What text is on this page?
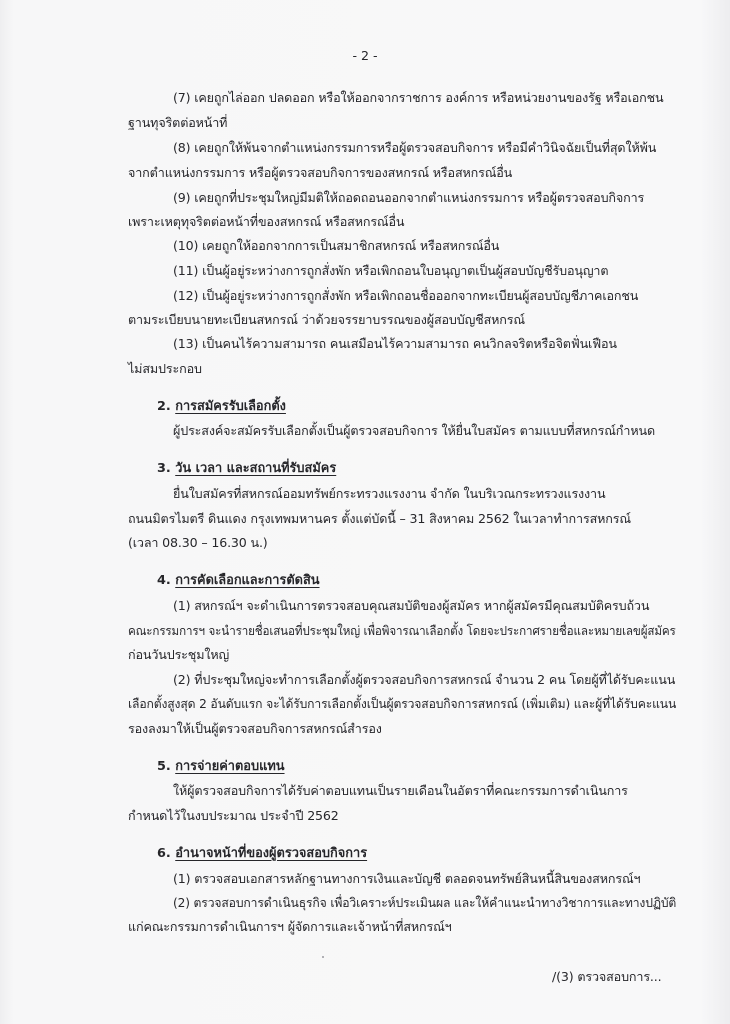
- 2 -
(7) เคยถูกไล่ออก ปลดออก หรือให้ออกจากราชการ องค์การ หรือหน่วยงานของรัฐ หรือเอกชน
ฐานทุจริตต่อหน้าที่
(8) เคยถูกให้พ้นจากตำแหน่งกรรมการหรือผู้ตรวจสอบกิจการ หรือมีคำวินิจฉัยเป็นที่สุดให้พ้น
จากตำแหน่งกรรมการ หรือผู้ตรวจสอบกิจการของสหกรณ์ หรือสหกรณ์อื่น
(9) เคยถูกที่ประชุมใหญ่มีมติให้ถอดถอนออกจากตำแหน่งกรรมการ หรือผู้ตรวจสอบกิจการ
เพราะเหตุทุจริตต่อหน้าที่ของสหกรณ์ หรือสหกรณ์อื่น
(10) เคยถูกให้ออกจากการเป็นสมาชิกสหกรณ์ หรือสหกรณ์อื่น
(11) เป็นผู้อยู่ระหว่างการถูกสั่งพัก หรือเพิกถอนใบอนุญาตเป็นผู้สอบบัญชีรับอนุญาต
(12) เป็นผู้อยู่ระหว่างการถูกสั่งพัก หรือเพิกถอนชื่อออกจากทะเบียนผู้สอบบัญชีภาคเอกชน
ตามระเบียบนายทะเบียนสหกรณ์ ว่าด้วยจรรยาบรรณของผู้สอบบัญชีสหกรณ์
(13) เป็นคนไร้ความสามารถ คนเสมือนไร้ความสามารถ คนวิกลจริตหรือจิตฟั่นเฟือน
ไม่สมประกอบ
2. การสมัครรับเลือกตั้ง
ผู้ประสงค์จะสมัครรับเลือกตั้งเป็นผู้ตรวจสอบกิจการ ให้ยื่นใบสมัคร ตามแบบที่สหกรณ์กำหนด
3. วัน เวลา และสถานที่รับสมัคร
ยื่นใบสมัครที่สหกรณ์ออมทรัพย์กระทรวงแรงงาน จำกัด ในบริเวณกระทรวงแรงงาน
ถนนมิตรไมตรี ดินแดง กรุงเทพมหานคร ตั้งแต่บัดนี้ – 31 สิงหาคม 2562 ในเวลาทำการสหกรณ์
(เวลา 08.30 – 16.30 น.)
4. การคัดเลือกและการตัดสิน
(1) สหกรณ์ฯ จะดำเนินการตรวจสอบคุณสมบัติของผู้สมัคร หากผู้สมัครมีคุณสมบัติครบถ้วน
คณะกรรมการฯ จะนำรายชื่อเสนอที่ประชุมใหญ่ เพื่อพิจารณาเลือกตั้ง โดยจะประกาศรายชื่อและหมายเลขผู้สมัคร
ก่อนวันประชุมใหญ่
(2) ที่ประชุมใหญ่จะทำการเลือกตั้งผู้ตรวจสอบกิจการสหกรณ์ จำนวน 2 คน โดยผู้ที่ได้รับคะแนน
เลือกตั้งสูงสุด 2 อันดับแรก จะได้รับการเลือกตั้งเป็นผู้ตรวจสอบกิจการสหกรณ์ (เพิ่มเติม) และผู้ที่ได้รับคะแนน
รองลงมาให้เป็นผู้ตรวจสอบกิจการสหกรณ์สำรอง
5. การจ่ายค่าตอบแทน
ให้ผู้ตรวจสอบกิจการได้รับค่าตอบแทนเป็นรายเดือนในอัตราที่คณะกรรมการดำเนินการ
กำหนดไว้ในงบประมาณ ประจำปี 2562
6. อำนาจหน้าที่ของผู้ตรวจสอบกิจการ
(1) ตรวจสอบเอกสารหลักฐานทางการเงินและบัญชี ตลอดจนทรัพย์สินหนี้สินของสหกรณ์ฯ
(2) ตรวจสอบการดำเนินธุรกิจ เพื่อวิเคราะห์ประเมินผล และให้คำแนะนำทางวิชาการและทางปฏิบัติ
แก่คณะกรรมการดำเนินการฯ ผู้จัดการและเจ้าหน้าที่สหกรณ์ฯ
/(3) ตรวจสอบการ...
